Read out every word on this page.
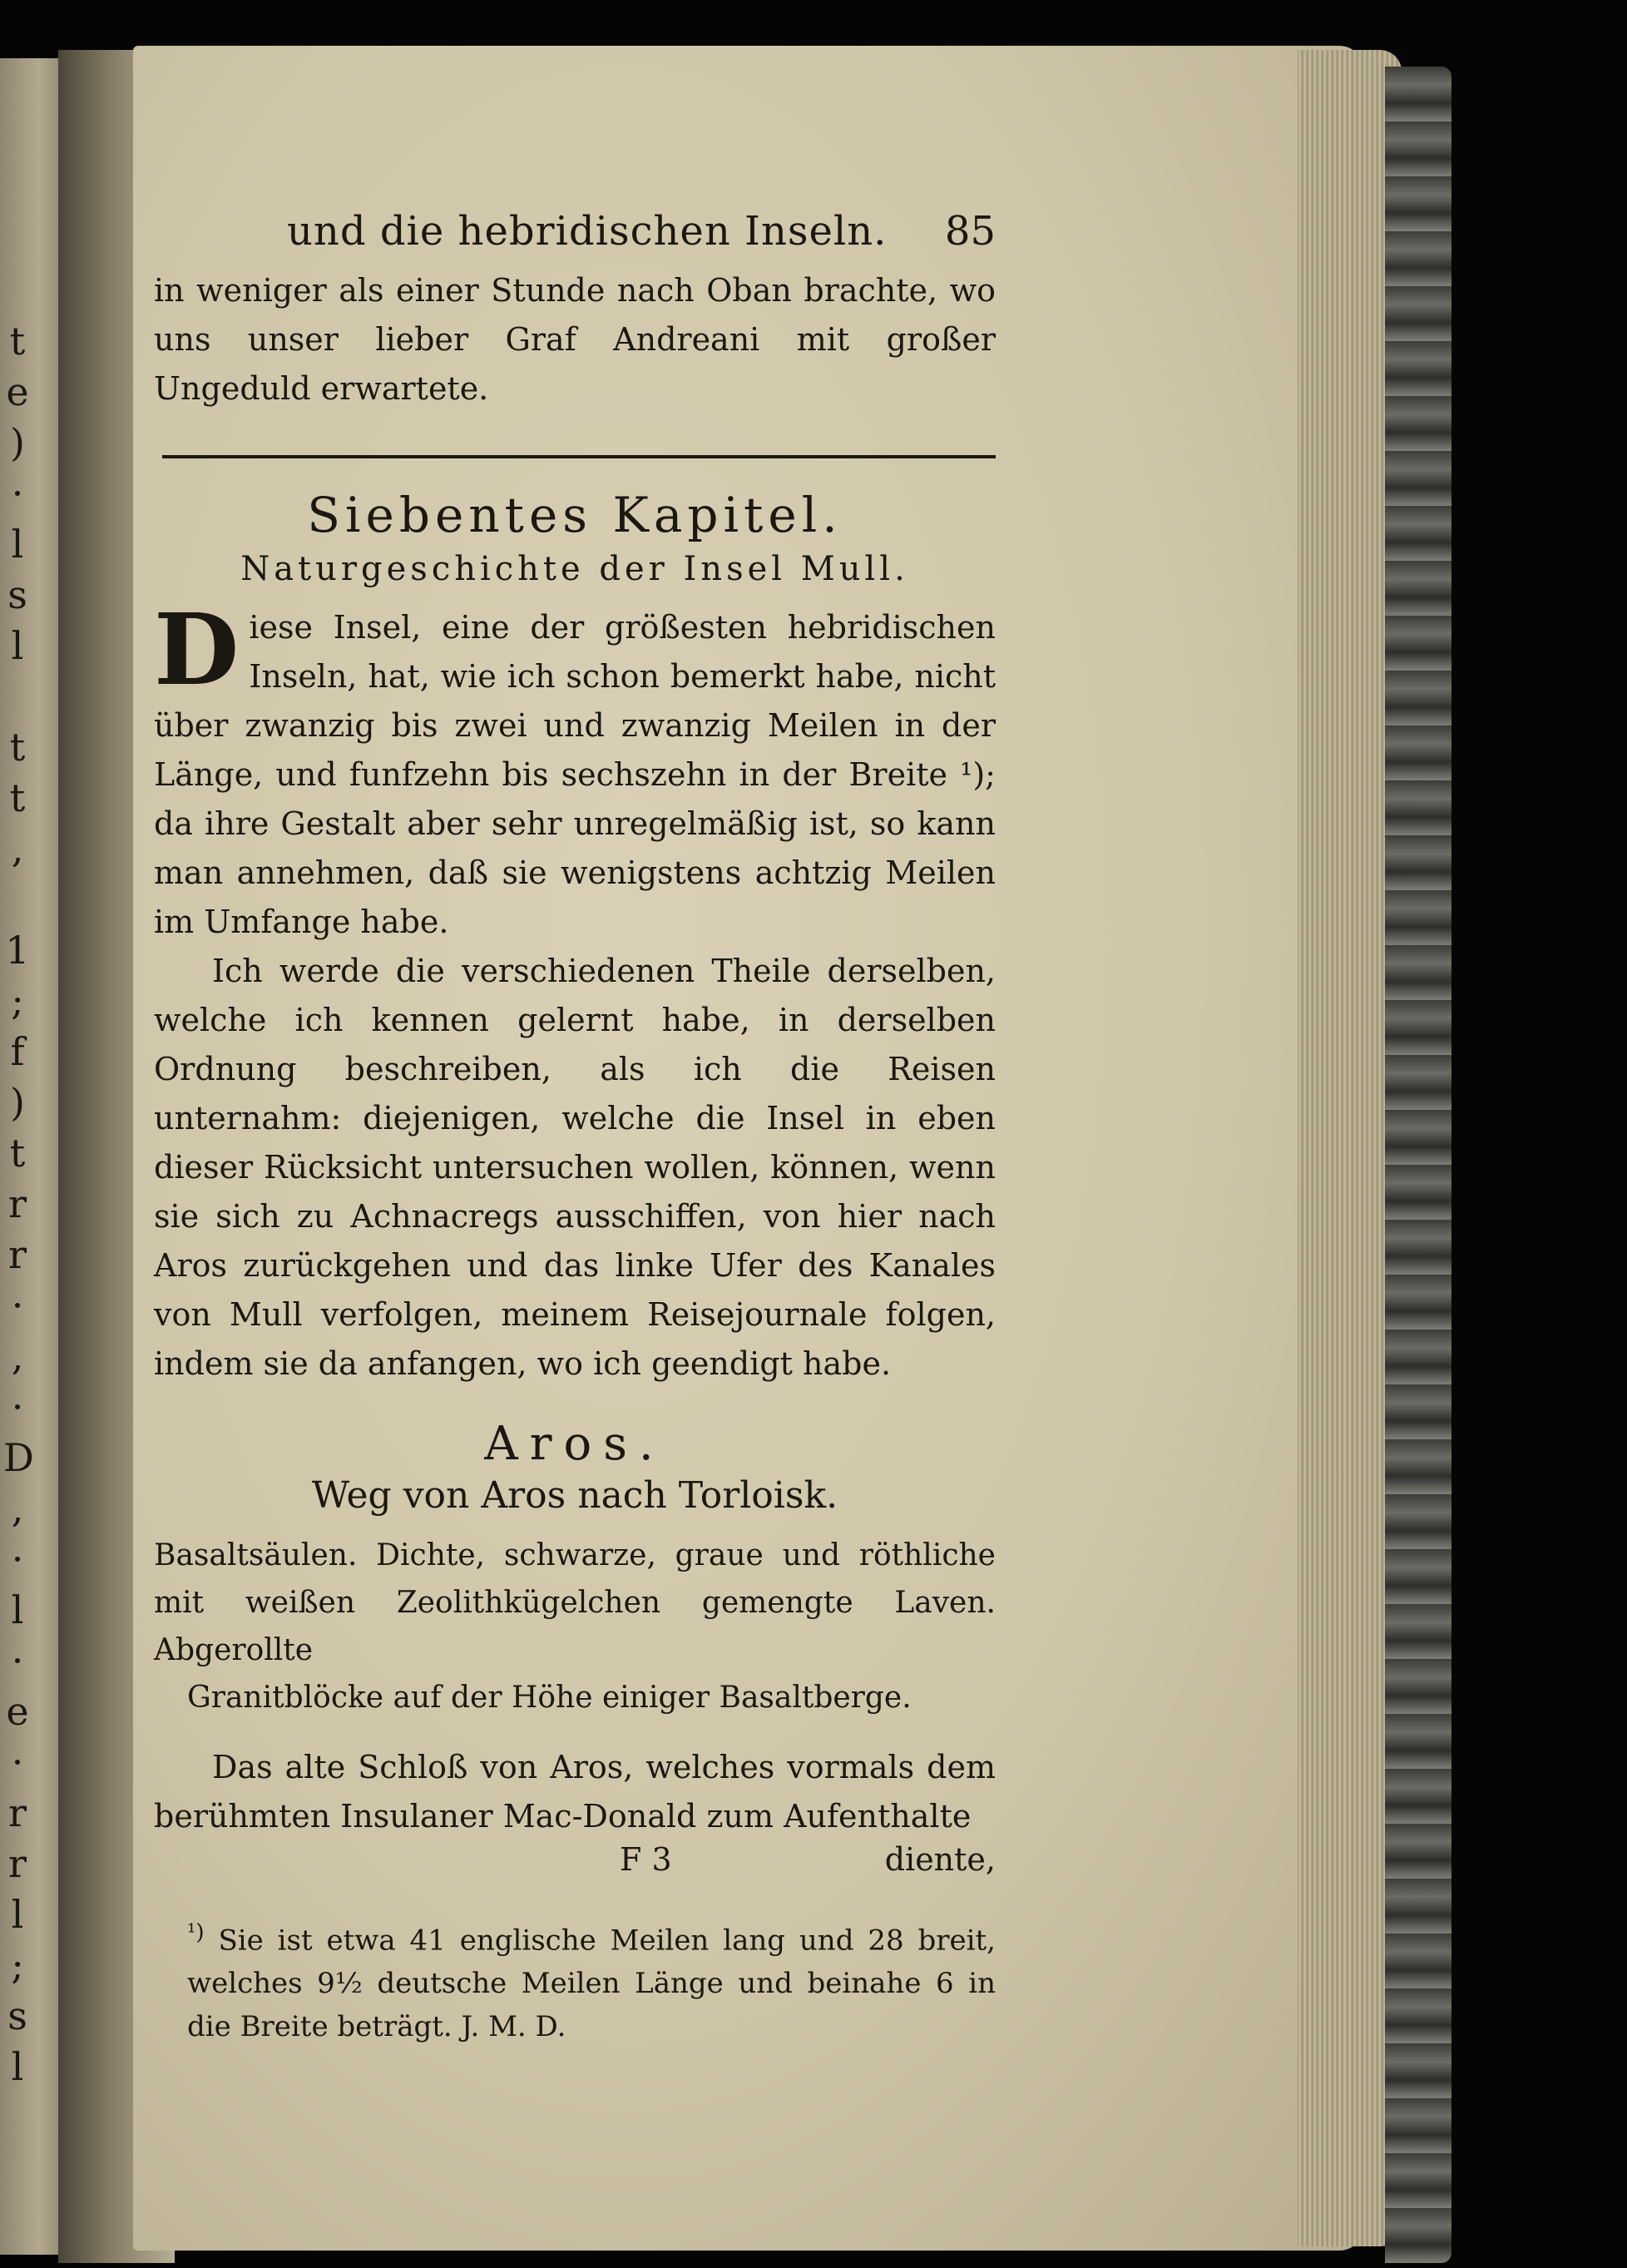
t
e
)
·
l
s
l

t
t
,

1
;
f
)
t
r
r
·
,
·
D
,
·
l
·
e
·
r
r
l
;
s
l
und die hebridischen Inseln. 85

in weniger als einer Stunde nach Oban brachte, wo uns unser lieber Graf Andreani mit großer Ungeduld erwartete.

Siebentes Kapitel.
Naturgeschichte der Insel Mull.

Diese Insel, eine der größesten hebridischen Inseln, hat, wie ich schon bemerkt habe, nicht über zwanzig bis zwei und zwanzig Meilen in der Länge, und funfzehn bis sechszehn in der Breite ¹); da ihre Gestalt aber sehr unregelmäßig ist, so kann man annehmen, daß sie wenigstens achtzig Meilen im Umfange habe.

Ich werde die verschiedenen Theile derselben, welche ich kennen gelernt habe, in derselben Ordnung beschreiben, als ich die Reisen unternahm: diejenigen, welche die Insel in eben dieser Rücksicht untersuchen wollen, können, wenn sie sich zu Achnacregs ausschiffen, von hier nach Aros zurückgehen und das linke Ufer des Kanales von Mull verfolgen, meinem Reisejournale folgen, indem sie da anfangen, wo ich geendigt habe.

Aros.
Weg von Aros nach Torloisk.

Basaltsäulen. Dichte, schwarze, graue und röthliche mit weißen Zeolithkügelchen gemengte Laven. Abgerollte

Granitblöcke auf der Höhe einiger Basaltberge.

Das alte Schloß von Aros, welches vormals dem berühmten Insulaner Mac-Donald zum Aufenthalte

F 3	diente,

$^{^1)}$ Sie ist etwa 41 englische Meilen lang und 28 breit, welches 9½ deutsche Meilen Länge und beinahe 6 in die Breite beträgt. J. M. D.
